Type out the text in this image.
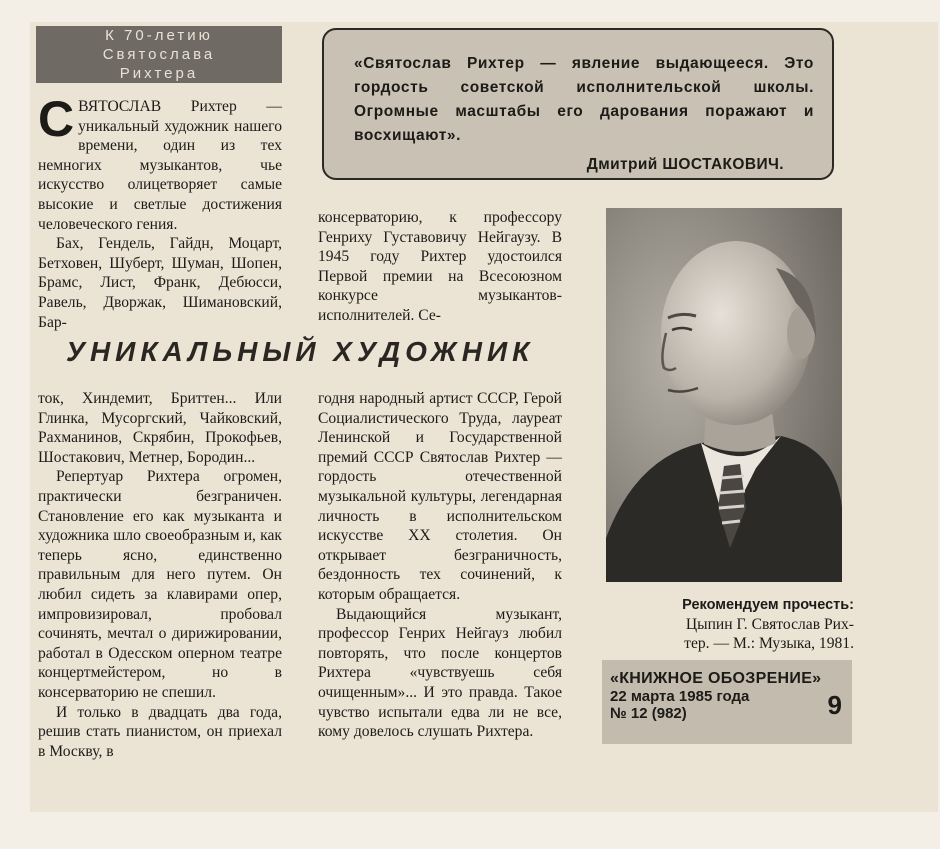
К 70-летию
Святослава
Рихтера
«Святослав Рихтер — явление выдающееся. Это гордость советской исполнительской школы. Огромные масштабы его дарования поражают и восхищают».
Дмитрий ШОСТАКОВИЧ.

СВЯТОСЛАВ Рихтер — уникальный художник нашего времени, один из тех немногих музыкантов, чье искусство олицетворяет самые высокие и светлые достижения человеческого гения.

Бах, Гендель, Гайдн, Моцарт, Бетховен, Шуберт, Шуман, Шопен, Брамс, Лист, Франк, Дебюсси, Равель, Дворжак, Шимановский, Бар-

консерваторию, к профессору Генриху Густавовичу Нейгаузу. В 1945 году Рихтер удостоился Первой премии на Всесоюзном конкурсе музыкантов-исполнителей. Се-

УНИКАЛЬНЫЙ ХУДОЖНИК

ток, Хиндемит, Бриттен... Или Глинка, Мусоргский, Чайковский, Рахманинов, Скрябин, Прокофьев, Шостакович, Метнер, Бородин...

Репертуар Рихтера огромен, практически безграничен. Становление его как музыканта и художника шло своеобразным и, как теперь ясно, единственно правильным для него путем. Он любил сидеть за клавирами опер, импровизировал, пробовал сочинять, мечтал о дирижировании, работал в Одесском оперном театре концертмейстером, но в консерваторию не спешил.

И только в двадцать два года, решив стать пианистом, он приехал в Москву, в

годня народный артист СССР, Герой Социалистического Труда, лауреат Ленинской и Государственной премий СССР Святослав Рихтер — гордость отечественной музыкальной культуры, легендарная личность в исполнительском искусстве XX столетия. Он открывает безграничность, бездонность тех сочинений, к которым обращается.

Выдающийся музыкант, профессор Генрих Нейгауз любил повторять, что после концертов Рихтера «чувствуешь себя очищенным»... И это правда. Такое чувство испытали едва ли не все, кому довелось слушать Рихтера.

Рекомендуем прочесть:
Цыпин Г. Святослав Рих-
тер. — М.: Музыка, 1981.
«КНИЖНОЕ ОБОЗРЕНИЕ»
22 марта 1985 года
№ 12 (982)	9
